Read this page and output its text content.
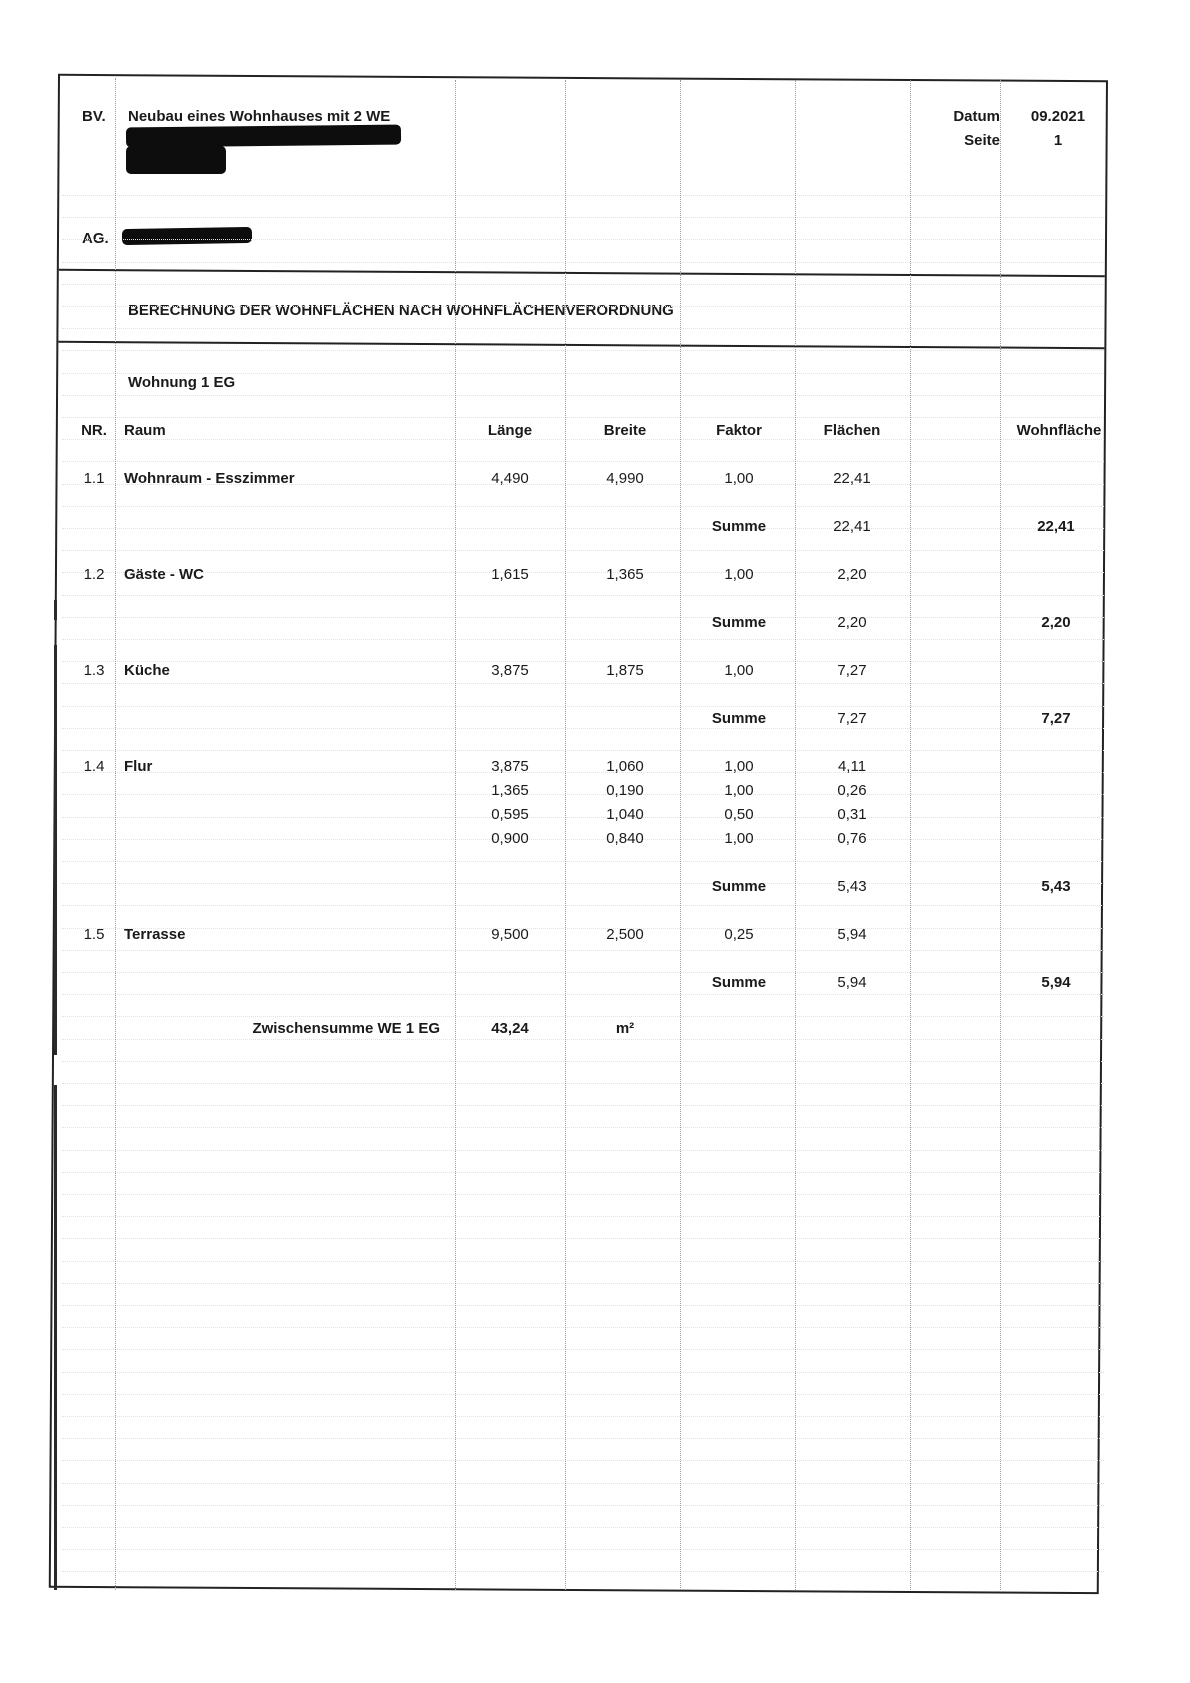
BV. Neubau eines Wohnhauses mit 2 WE	Datum	09.2021
Seite	1
AG.
BERECHNUNG DER WOHNFLÄCHEN NACH WOHNFLÄCHENVERORDNUNG
Wohnung 1 EG
NR.	Raum	Länge	Breite	Faktor	Flächen	Wohnfläche
1.1	Wohnraum - Esszimmer	4,490	4,990	1,00	22,41
Summe	22,41	22,41
1.2	Gäste - WC	1,615	1,365	1,00	2,20
Summe	2,20	2,20
1.3	Küche	3,875	1,875	1,00	7,27
Summe	7,27	7,27
1.4	Flur	3,875	1,060	1,00	4,11
1,365	0,190	1,00	0,26
0,595	1,040	0,50	0,31
0,900	0,840	1,00	0,76
Summe	5,43	5,43
1.5	Terrasse	9,500	2,500	0,25	5,94
Summe	5,94	5,94
Zwischensumme WE 1 EG	43,24	m²
